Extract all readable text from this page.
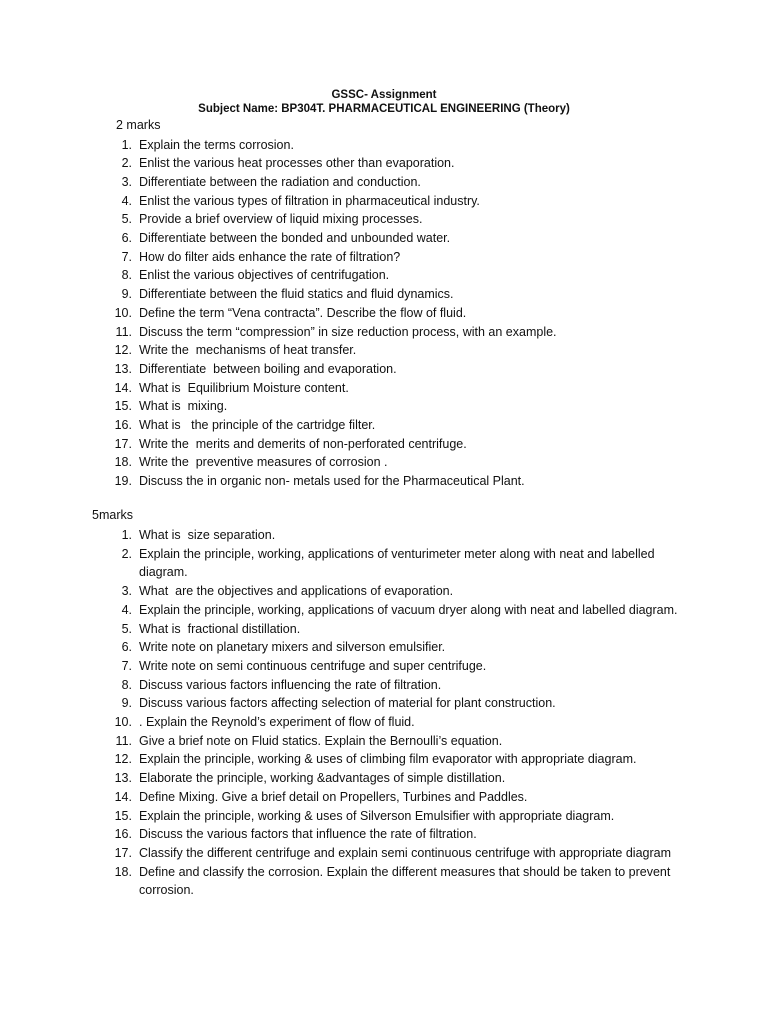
GSSC- Assignment
Subject Name: BP304T. PHARMACEUTICAL ENGINEERING (Theory)
2 marks
1. Explain the terms corrosion.
2. Enlist the various heat processes other than evaporation.
3. Differentiate between the radiation and conduction.
4. Enlist the various types of filtration in pharmaceutical industry.
5. Provide a brief overview of liquid mixing processes.
6. Differentiate between the bonded and unbounded water.
7. How do filter aids enhance the rate of filtration?
8. Enlist the various objectives of centrifugation.
9. Differentiate between the fluid statics and fluid dynamics.
10. Define the term “Vena contracta”. Describe the flow of fluid.
11. Discuss the term “compression” in size reduction process, with an example.
12. Write the  mechanisms of heat transfer.
13. Differentiate  between boiling and evaporation.
14. What is  Equilibrium Moisture content.
15. What is  mixing.
16. What is   the principle of the cartridge filter.
17. Write the  merits and demerits of non-perforated centrifuge.
18. Write the  preventive measures of corrosion .
19. Discuss the in organic non- metals used for the Pharmaceutical Plant.
5marks
1. What is  size separation.
2. Explain the principle, working, applications of venturimeter meter along with neat and labelled diagram.
3. What  are the objectives and applications of evaporation.
4. Explain the principle, working, applications of vacuum dryer along with neat and labelled diagram.
5. What is  fractional distillation.
6. Write note on planetary mixers and silverson emulsifier.
7. Write note on semi continuous centrifuge and super centrifuge.
8. Discuss various factors influencing the rate of filtration.
9. Discuss various factors affecting selection of material for plant construction.
10. . Explain the Reynold’s experiment of flow of fluid.
11. Give a brief note on Fluid statics. Explain the Bernoulli’s equation.
12. Explain the principle, working & uses of climbing film evaporator with appropriate diagram.
13. Elaborate the principle, working &advantages of simple distillation.
14. Define Mixing. Give a brief detail on Propellers, Turbines and Paddles.
15. Explain the principle, working & uses of Silverson Emulsifier with appropriate diagram.
16. Discuss the various factors that influence the rate of filtration.
17. Classify the different centrifuge and explain semi continuous centrifuge with appropriate diagram
18. Define and classify the corrosion. Explain the different measures that should be taken to prevent corrosion.
